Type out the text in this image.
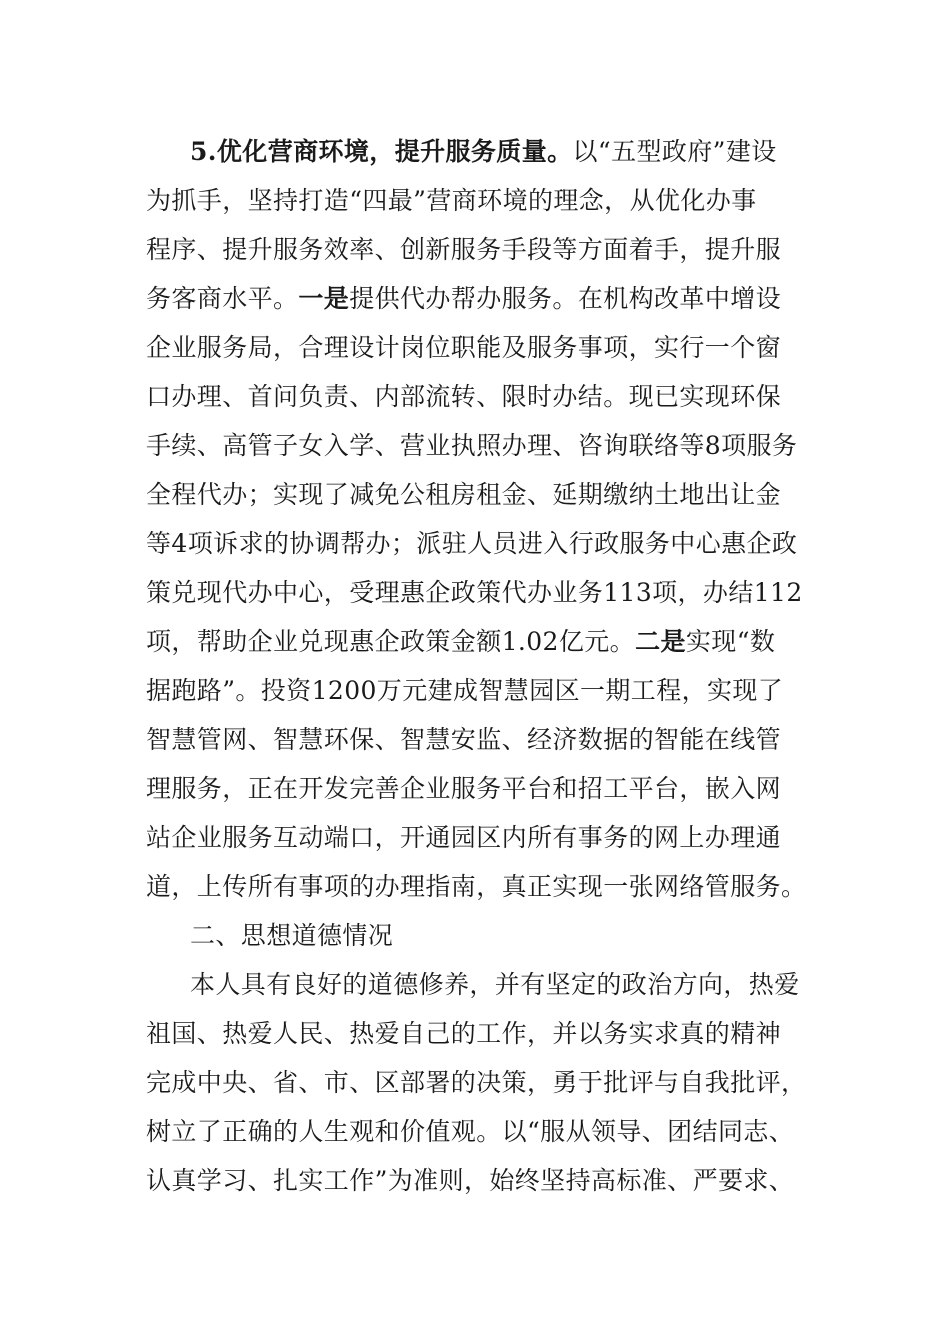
5.优化营商环境，提升服务质量。以“五型政府”建设
为抓手，坚持打造“四最”营商环境的理念，从优化办事
程序、提升服务效率、创新服务手段等方面着手，提升服
务客商水平。一是提供代办帮办服务。在机构改革中增设
企业服务局，合理设计岗位职能及服务事项，实行一个窗
口办理、首问负责、内部流转、限时办结。现已实现环保
手续、高管子女入学、营业执照办理、咨询联络等8项服务
全程代办；实现了减免公租房租金、延期缴纳土地出让金
等4项诉求的协调帮办；派驻人员进入行政服务中心惠企政
策兑现代办中心，受理惠企政策代办业务113项，办结112
项，帮助企业兑现惠企政策金额1.02亿元。二是实现“数
据跑路”。投资1200万元建成智慧园区一期工程，实现了
智慧管网、智慧环保、智慧安监、经济数据的智能在线管
理服务，正在开发完善企业服务平台和招工平台，嵌入网
站企业服务互动端口，开通园区内所有事务的网上办理通
道，上传所有事项的办理指南，真正实现一张网络管服务。
二、思想道德情况
本人具有良好的道德修养，并有坚定的政治方向，热爱
祖国、热爱人民、热爱自己的工作，并以务实求真的精神
完成中央、省、市、区部署的决策，勇于批评与自我批评，
树立了正确的人生观和价值观。以“服从领导、团结同志、
认真学习、扎实工作”为准则，始终坚持高标准、严要求、
